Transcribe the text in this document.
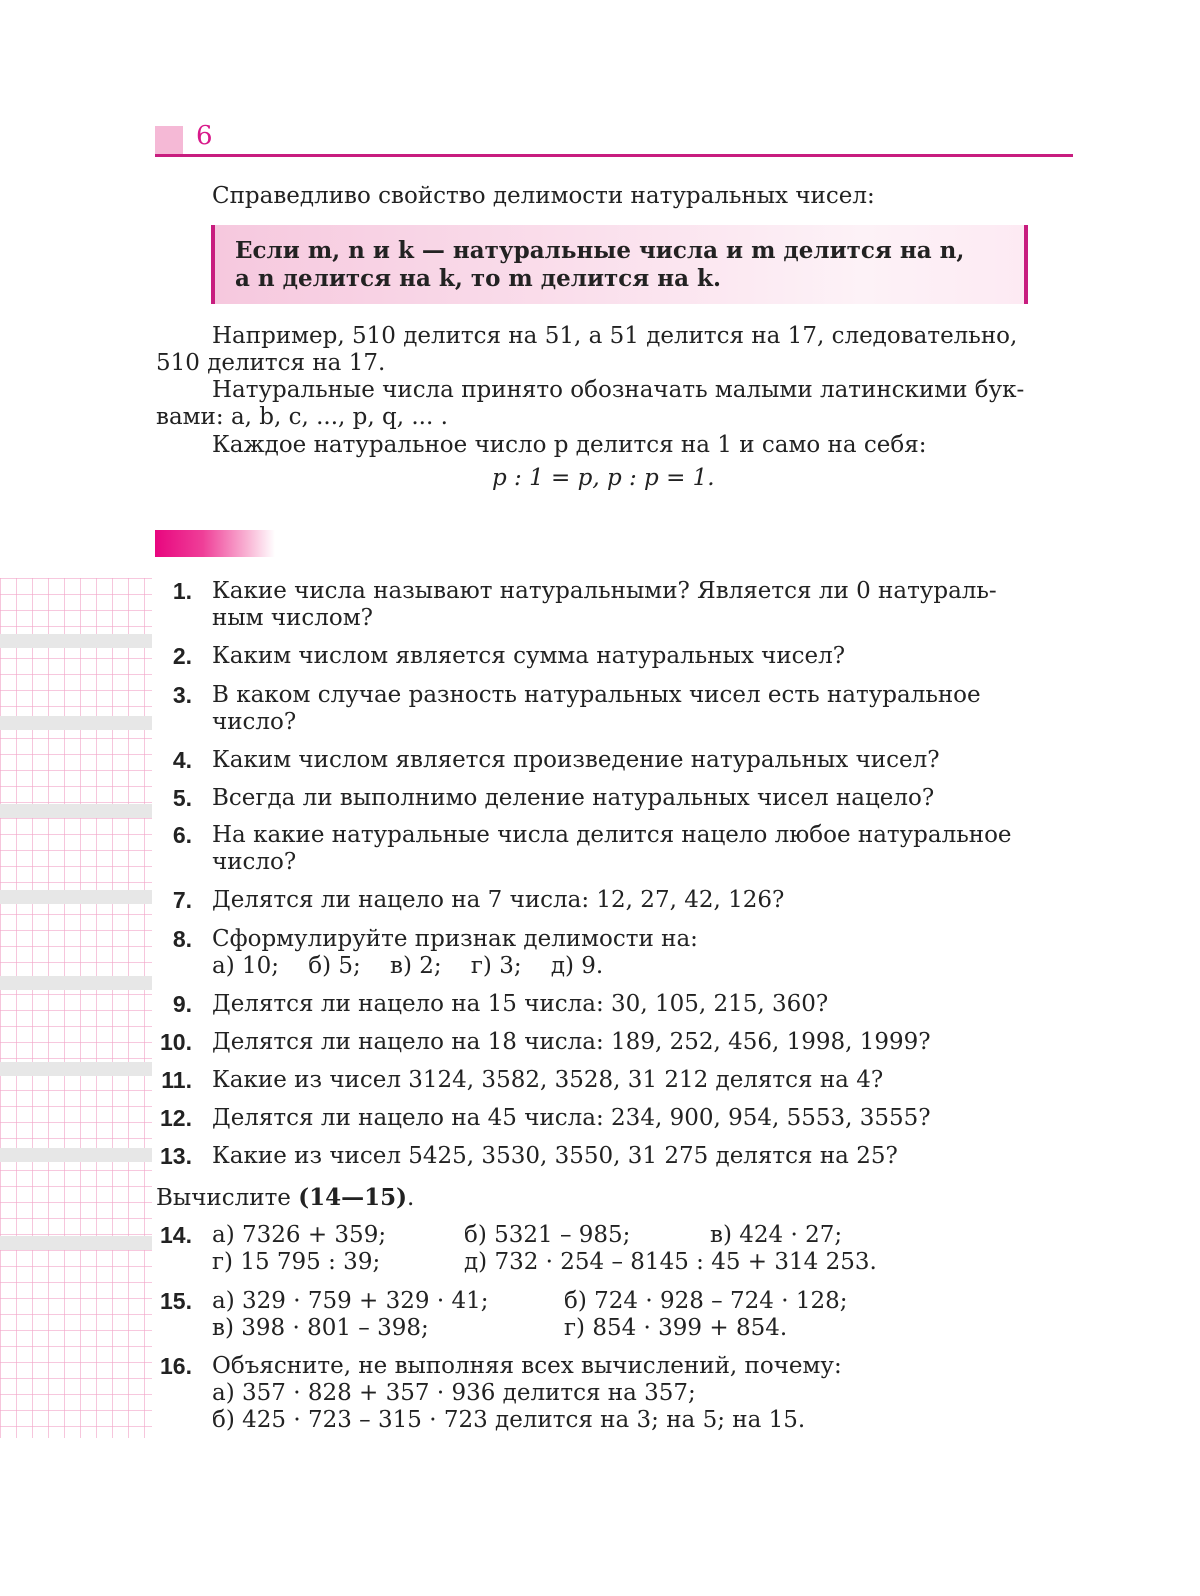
6
Справедливо свойство делимости натуральных чисел:
Если m, n и k — натуральные числа и m делится на n,
а n делится на k, то m делится на k.
Например, 510 делится на 51, а 51 делится на 17, следовательно,
510 делится на 17.
Натуральные числа принято обозначать малыми латинскими бук-
вами: a, b, c, ..., p, q, ... .
Каждое натуральное число p делится на 1 и само на себя:
p : 1 = p, p : p = 1.
1. Какие числа называют натуральными? Является ли 0 натураль-
ным числом?
2. Каким числом является сумма натуральных чисел?
3. В каком случае разность натуральных чисел есть натуральное
число?
4. Каким числом является произведение натуральных чисел?
5. Всегда ли выполнимо деление натуральных чисел нацело?
6. На какие натуральные числа делится нацело любое натуральное
число?
7. Делятся ли нацело на 7 числа: 12, 27, 42, 126?
8. Сформулируйте признак делимости на:
а) 10;    б) 5;    в) 2;    г) 3;    д) 9.
9. Делятся ли нацело на 15 числа: 30, 105, 215, 360?
10. Делятся ли нацело на 18 числа: 189, 252, 456, 1998, 1999?
11. Какие из чисел 3124, 3582, 3528, 31 212 делятся на 4?
12. Делятся ли нацело на 45 числа: 234, 900, 954, 5553, 3555?
13. Какие из чисел 5425, 3530, 3550, 31 275 делятся на 25?
Вычислите (14—15).
14. а) 7326 + 359;	б) 5321 – 985;	в) 424 · 27;
г) 15 795 : 39;	д) 732 · 254 – 8145 : 45 + 314 253.
15. а) 329 · 759 + 329 · 41;	б) 724 · 928 – 724 · 128;
в) 398 · 801 – 398;	г) 854 · 399 + 854.
16. Объясните, не выполняя всех вычислений, почему:
а) 357 · 828 + 357 · 936 делится на 357;
б) 425 · 723 – 315 · 723 делится на 3; на 5; на 15.
